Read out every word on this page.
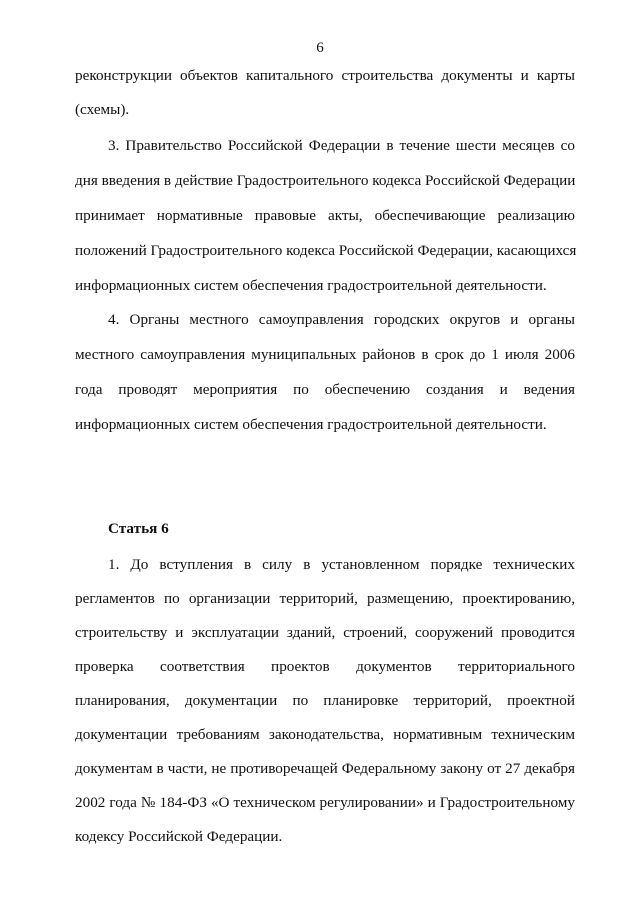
6
реконструкции объектов капитального строительства документы и карты
(схемы).
3. Правительство Российской Федерации в течение шести месяцев со
дня введения в действие Градостроительного кодекса Российской Федерации
принимает нормативные правовые акты, обеспечивающие реализацию
положений Градостроительного кодекса Российской Федерации, касающихся
информационных систем обеспечения градостроительной деятельности.
4. Органы местного самоуправления городских округов и органы
местного самоуправления муниципальных районов в срок до 1 июля 2006
года проводят мероприятия по обеспечению создания и ведения
информационных систем обеспечения градостроительной деятельности.
Статья 6
1. До вступления в силу в установленном порядке технических
регламентов по организации территорий, размещению, проектированию,
строительству и эксплуатации зданий, строений, сооружений проводится
проверка соответствия проектов документов территориального
планирования, документации по планировке территорий, проектной
документации требованиям законодательства, нормативным техническим
документам в части, не противоречащей Федеральному закону от 27 декабря
2002 года № 184-ФЗ «О техническом регулировании» и Градостроительному
кодексу Российской Федерации.
